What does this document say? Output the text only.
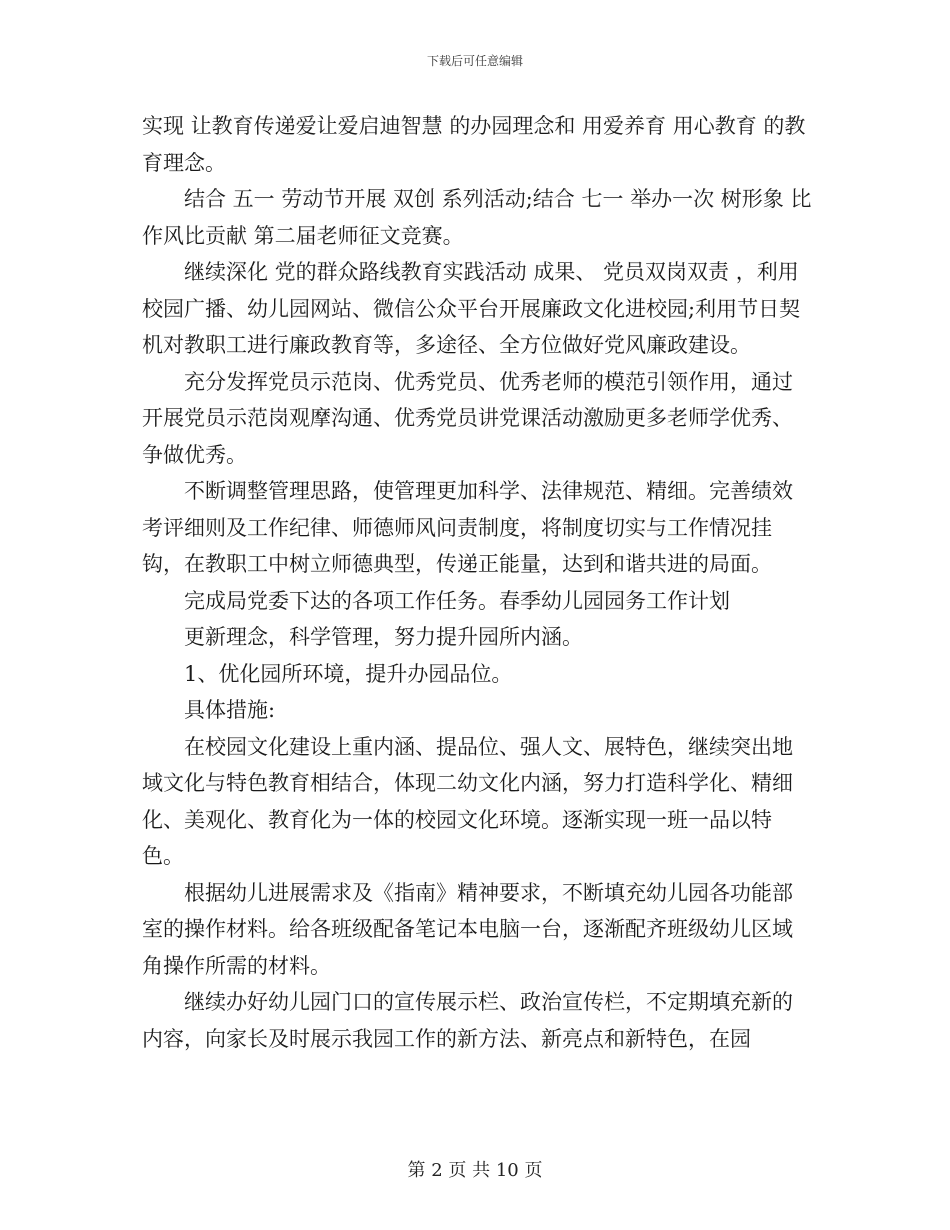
下载后可任意编辑

实现 让教育传递爱让爱启迪智慧 的办园理念和 用爱养育 用心教育 的教育理念。

结合 五一 劳动节开展 双创 系列活动;结合 七一 举办一次 树形象 比作风比贡献 第二届老师征文竞赛。

继续深化 党的群众路线教育实践活动 成果、 党员双岗双责 ，利用校园广播、幼儿园网站、微信公众平台开展廉政文化进校园;利用节日契机对教职工进行廉政教育等，多途径、全方位做好党风廉政建设。

充分发挥党员示范岗、优秀党员、优秀老师的模范引领作用，通过开展党员示范岗观摩沟通、优秀党员讲党课活动激励更多老师学优秀、争做优秀。

不断调整管理思路，使管理更加科学、法律规范、精细。完善绩效考评细则及工作纪律、师德师风问责制度，将制度切实与工作情况挂钩，在教职工中树立师德典型，传递正能量，达到和谐共进的局面。

完成局党委下达的各项工作任务。春季幼儿园园务工作计划

更新理念，科学管理，努力提升园所内涵。

1、优化园所环境，提升办园品位。

具体措施:

在校园文化建设上重内涵、提品位、强人文、展特色，继续突出地域文化与特色教育相结合，体现二幼文化内涵，努力打造科学化、精细化、美观化、教育化为一体的校园文化环境。逐渐实现一班一品以特色。

根据幼儿进展需求及《指南》精神要求，不断填充幼儿园各功能部室的操作材料。给各班级配备笔记本电脑一台，逐渐配齐班级幼儿区域角操作所需的材料。

继续办好幼儿园门口的宣传展示栏、政治宣传栏，不定期填充新的内容，向家长及时展示我园工作的新方法、新亮点和新特色，在园

第 2 页 共 10 页
